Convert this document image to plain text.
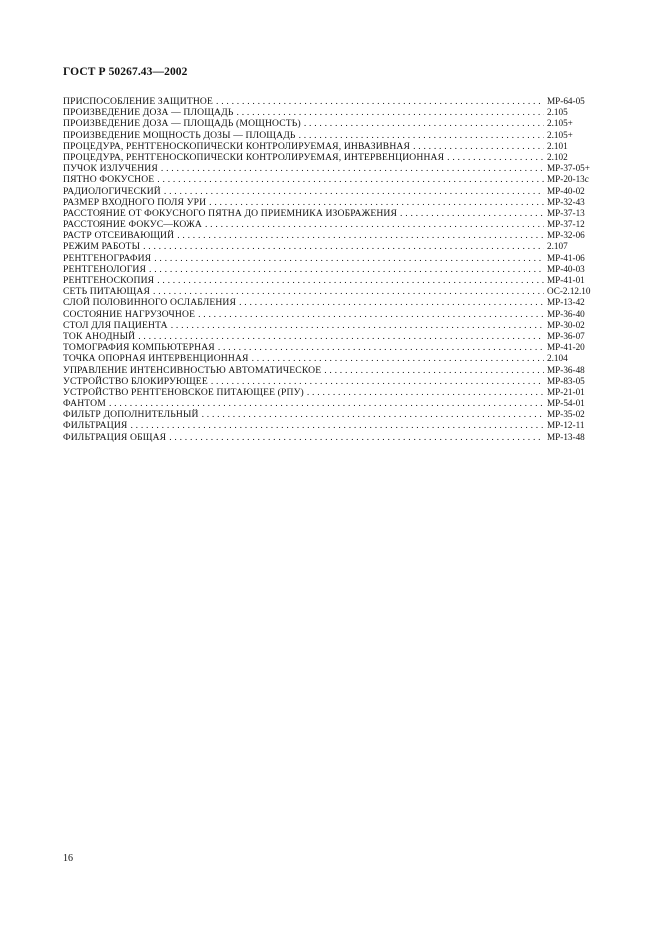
ГОСТ Р 50267.43—2002
ПРИСПОСОБЛЕНИЕ ЗАЩИТНОЕ . . .	МР-64-05
ПРОИЗВЕДЕНИЕ ДОЗА — ПЛОЩАДЬ . . .	2.105
ПРОИЗВЕДЕНИЕ ДОЗА — ПЛОЩАДЬ (МОЩНОСТЬ) . . .	2.105+
ПРОИЗВЕДЕНИЕ МОЩНОСТЬ ДОЗЫ — ПЛОЩАДЬ . . .	2.105+
ПРОЦЕДУРА, РЕНТГЕНОСКОПИЧЕСКИ КОНТРОЛИРУЕМАЯ, ИНВАЗИВНАЯ . . .	2.101
ПРОЦЕДУРА, РЕНТГЕНОСКОПИЧЕСКИ КОНТРОЛИРУЕМАЯ, ИНТЕРВЕНЦИОННАЯ . . .	2.102
ПУЧОК ИЗЛУЧЕНИЯ . . .	МР-37-05+
ПЯТНО ФОКУСНОЕ . . .	МР-20-13с
РАДИОЛОГИЧЕСКИЙ . . .	МР-40-02
РАЗМЕР ВХОДНОГО ПОЛЯ УРИ . . .	МР-32-43
РАССТОЯНИЕ ОТ ФОКУСНОГО ПЯТНА ДО ПРИЕМНИКА ИЗОБРАЖЕНИЯ . . .	МР-37-13
РАССТОЯНИЕ ФОКУС—КОЖА . . .	МР-37-12
РАСТР ОТСЕИВАЮЩИЙ . . .	МР-32-06
РЕЖИМ РАБОТЫ . . .	2.107
РЕНТГЕНОГРАФИЯ . . .	МР-41-06
РЕНТГЕНОЛОГИЯ . . .	МР-40-03
РЕНТГЕНОСКОПИЯ . . .	МР-41-01
СЕТЬ ПИТАЮЩАЯ . . .	ОС-2.12.10
СЛОЙ ПОЛОВИННОГО ОСЛАБЛЕНИЯ . . .	МР-13-42
СОСТОЯНИЕ НАГРУЗОЧНОЕ . . .	МР-36-40
СТОЛ ДЛЯ ПАЦИЕНТА . . .	МР-30-02
ТОК АНОДНЫЙ . . .	МР-36-07
ТОМОГРАФИЯ КОМПЬЮТЕРНАЯ . . .	МР-41-20
ТОЧКА ОПОРНАЯ ИНТЕРВЕНЦИОННАЯ . . .	2.104
УПРАВЛЕНИЕ ИНТЕНСИВНОСТЬЮ АВТОМАТИЧЕСКОЕ . . .	МР-36-48
УСТРОЙСТВО БЛОКИРУЮЩЕЕ . . .	МР-83-05
УСТРОЙСТВО РЕНТГЕНОВСКОЕ ПИТАЮЩЕЕ (РПУ) . . .	МР-21-01
ФАНТОМ . . .	МР-54-01
ФИЛЬТР ДОПОЛНИТЕЛЬНЫЙ . . .	МР-35-02
ФИЛЬТРАЦИЯ . . .	МР-12-11
ФИЛЬТРАЦИЯ ОБЩАЯ . . .	МР-13-48
16
